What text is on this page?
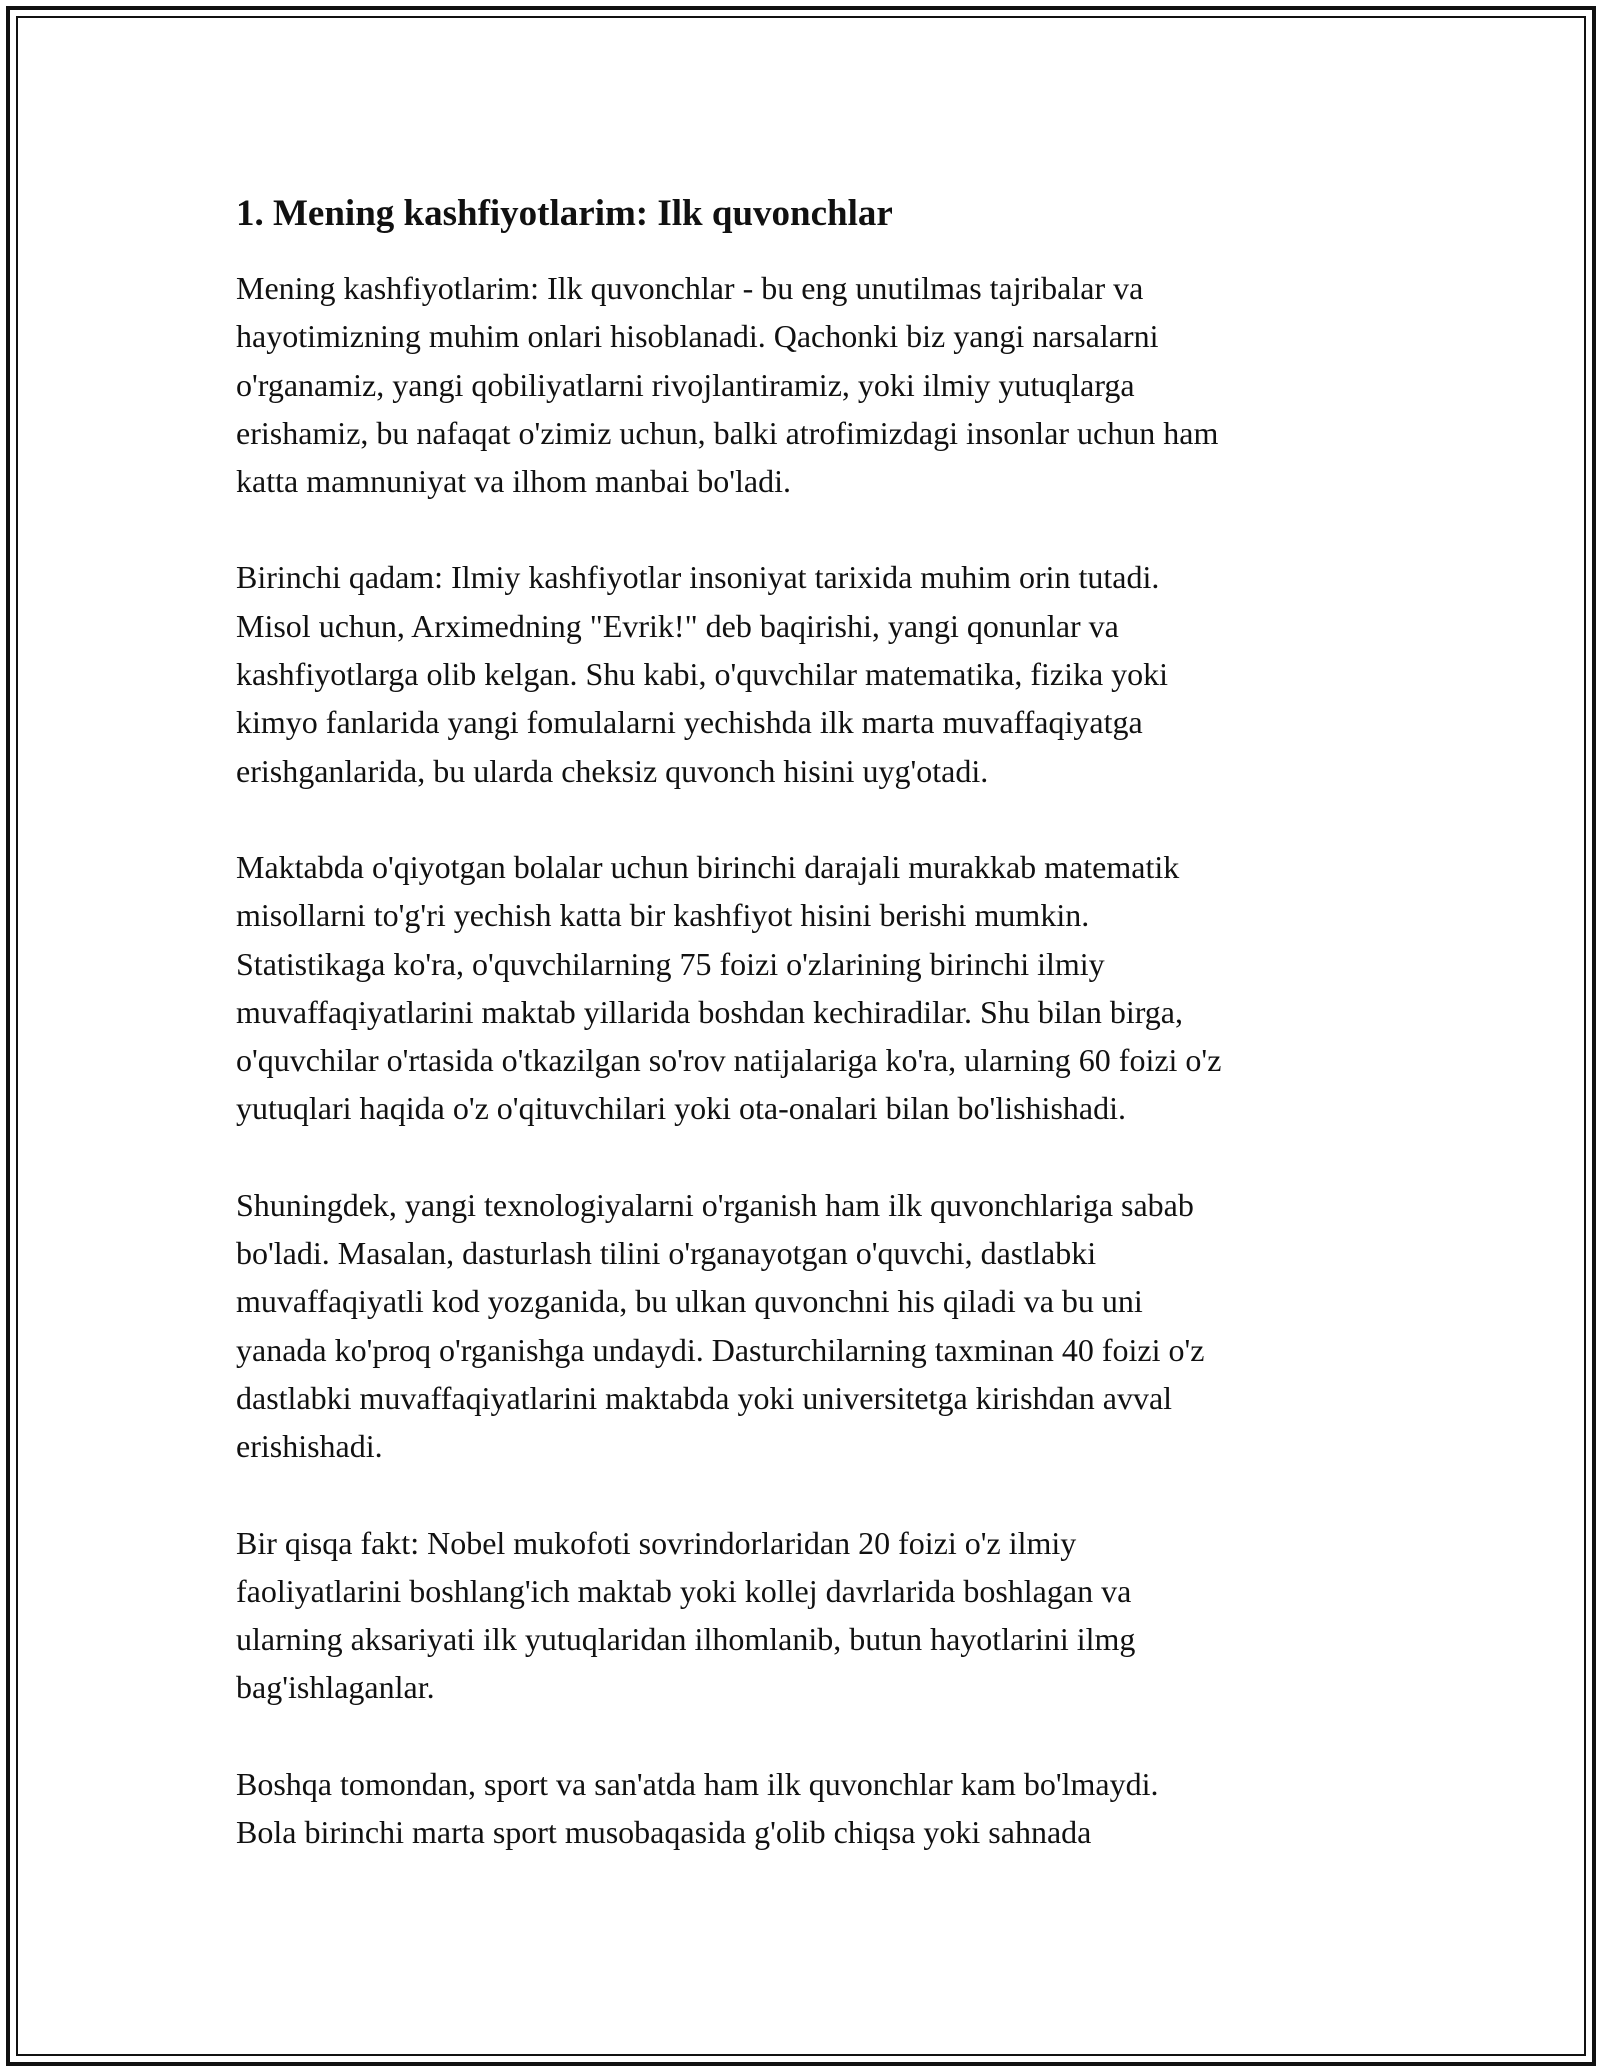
1. Mening kashfiyotlarim: Ilk quvonchlar

Mening kashfiyotlarim: Ilk quvonchlar - bu eng unutilmas tajribalar va
hayotimizning muhim onlari hisoblanadi. Qachonki biz yangi narsalarni
o'rganamiz, yangi qobiliyatlarni rivojlantiramiz, yoki ilmiy yutuqlarga
erishamiz, bu nafaqat o'zimiz uchun, balki atrofimizdagi insonlar uchun ham
katta mamnuniyat va ilhom manbai bo'ladi.

Birinchi qadam: Ilmiy kashfiyotlar insoniyat tarixida muhim orin tutadi.
Misol uchun, Arximedning "Evrik!" deb baqirishi, yangi qonunlar va
kashfiyotlarga olib kelgan. Shu kabi, o'quvchilar matematika, fizika yoki
kimyo fanlarida yangi fomulalarni yechishda ilk marta muvaffaqiyatga
erishganlarida, bu ularda cheksiz quvonch hisini uyg'otadi.

Maktabda o'qiyotgan bolalar uchun birinchi darajali murakkab matematik
misollarni to'g'ri yechish katta bir kashfiyot hisini berishi mumkin.
Statistikaga ko'ra, o'quvchilarning 75 foizi o'zlarining birinchi ilmiy
muvaffaqiyatlarini maktab yillarida boshdan kechiradilar. Shu bilan birga,
o'quvchilar o'rtasida o'tkazilgan so'rov natijalariga ko'ra, ularning 60 foizi o'z
yutuqlari haqida o'z o'qituvchilari yoki ota-onalari bilan bo'lishishadi.

Shuningdek, yangi texnologiyalarni o'rganish ham ilk quvonchlariga sabab
bo'ladi. Masalan, dasturlash tilini o'rganayotgan o'quvchi, dastlabki
muvaffaqiyatli kod yozganida, bu ulkan quvonchni his qiladi va bu uni
yanada ko'proq o'rganishga undaydi. Dasturchilarning taxminan 40 foizi o'z
dastlabki muvaffaqiyatlarini maktabda yoki universitetga kirishdan avval
erishishadi.

Bir qisqa fakt: Nobel mukofoti sovrindorlaridan 20 foizi o'z ilmiy
faoliyatlarini boshlang'ich maktab yoki kollej davrlarida boshlagan va
ularning aksariyati ilk yutuqlaridan ilhomlanib, butun hayotlarini ilmg
bag'ishlaganlar.

Boshqa tomondan, sport va san'atda ham ilk quvonchlar kam bo'lmaydi.
Bola birinchi marta sport musobaqasida g'olib chiqsa yoki sahnada
